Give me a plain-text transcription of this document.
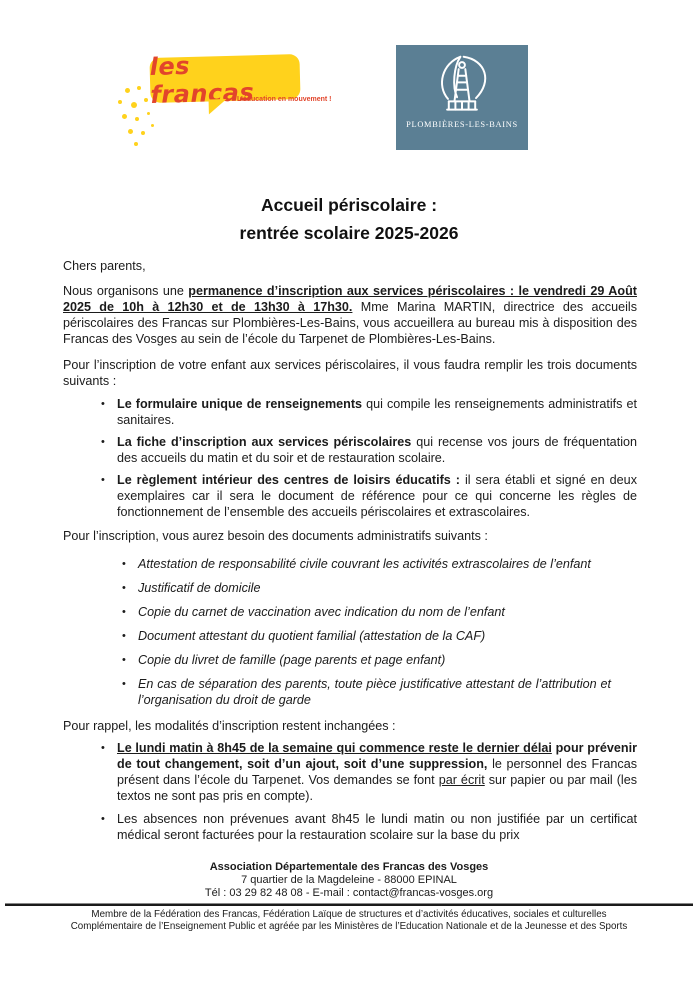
les francas
L’éducation en mouvement !
PLOMBIÈRES-LES-BAINS
Accueil périscolaire :
rentrée scolaire 2025-2026

Chers parents,

Nous organisons une permanence d’inscription aux services périscolaires : le vendredi 29 Août 2025 de 10h à 12h30 et de 13h30 à 17h30. Mme Marina MARTIN, directrice des accueils périscolaires des Francas sur Plombières-Les-Bains, vous accueillera au bureau mis à disposition des Francas des Vosges au sein de l’école du Tarpenet de Plombières-Les-Bains.

Pour l’inscription de votre enfant aux services périscolaires, il vous faudra remplir les trois documents suivants :

• Le formulaire unique de renseignements qui compile les renseignements administratifs et sanitaires.
• La fiche d’inscription aux services périscolaires qui recense vos jours de fréquentation des accueils du matin et du soir et de restauration scolaire.
• Le règlement intérieur des centres de loisirs éducatifs : il sera établi et signé en deux exemplaires car il sera le document de référence pour ce qui concerne les règles de fonctionnement de l’ensemble des accueils périscolaires et extrascolaires.

Pour l’inscription, vous aurez besoin des documents administratifs suivants :

• Attestation de responsabilité civile couvrant les activités extrascolaires de l’enfant
• Justificatif de domicile
• Copie du carnet de vaccination avec indication du nom de l’enfant
• Document attestant du quotient familial (attestation de la CAF)
• Copie du livret de famille (page parents et page enfant)
• En cas de séparation des parents, toute pièce justificative attestant de l’attribution et l’organisation du droit de garde

Pour rappel, les modalités d’inscription restent inchangées :

• Le lundi matin à 8h45 de la semaine qui commence reste le dernier délai pour prévenir de tout changement, soit d’un ajout, soit d’une suppression, le personnel des Francas présent dans l’école du Tarpenet. Vos demandes se font par écrit sur papier ou par mail (les textos ne sont pas pris en compte).
• Les absences non prévenues avant 8h45 le lundi matin ou non justifiée par un certificat médical seront facturées pour la restauration scolaire sur la base du prix
Association Départementale des Francas des Vosges
7 quartier de la Magdeleine - 88000 EPINAL
Tél : 03 29 82 48 08 - E-mail : contact@francas-vosges.org
Membre de la Fédération des Francas, Fédération Laïque de structures et d’activités éducatives, sociales et culturelles
Complémentaire de l’Enseignement Public et agréée par les Ministères de l’Education Nationale et de la Jeunesse et des Sports
